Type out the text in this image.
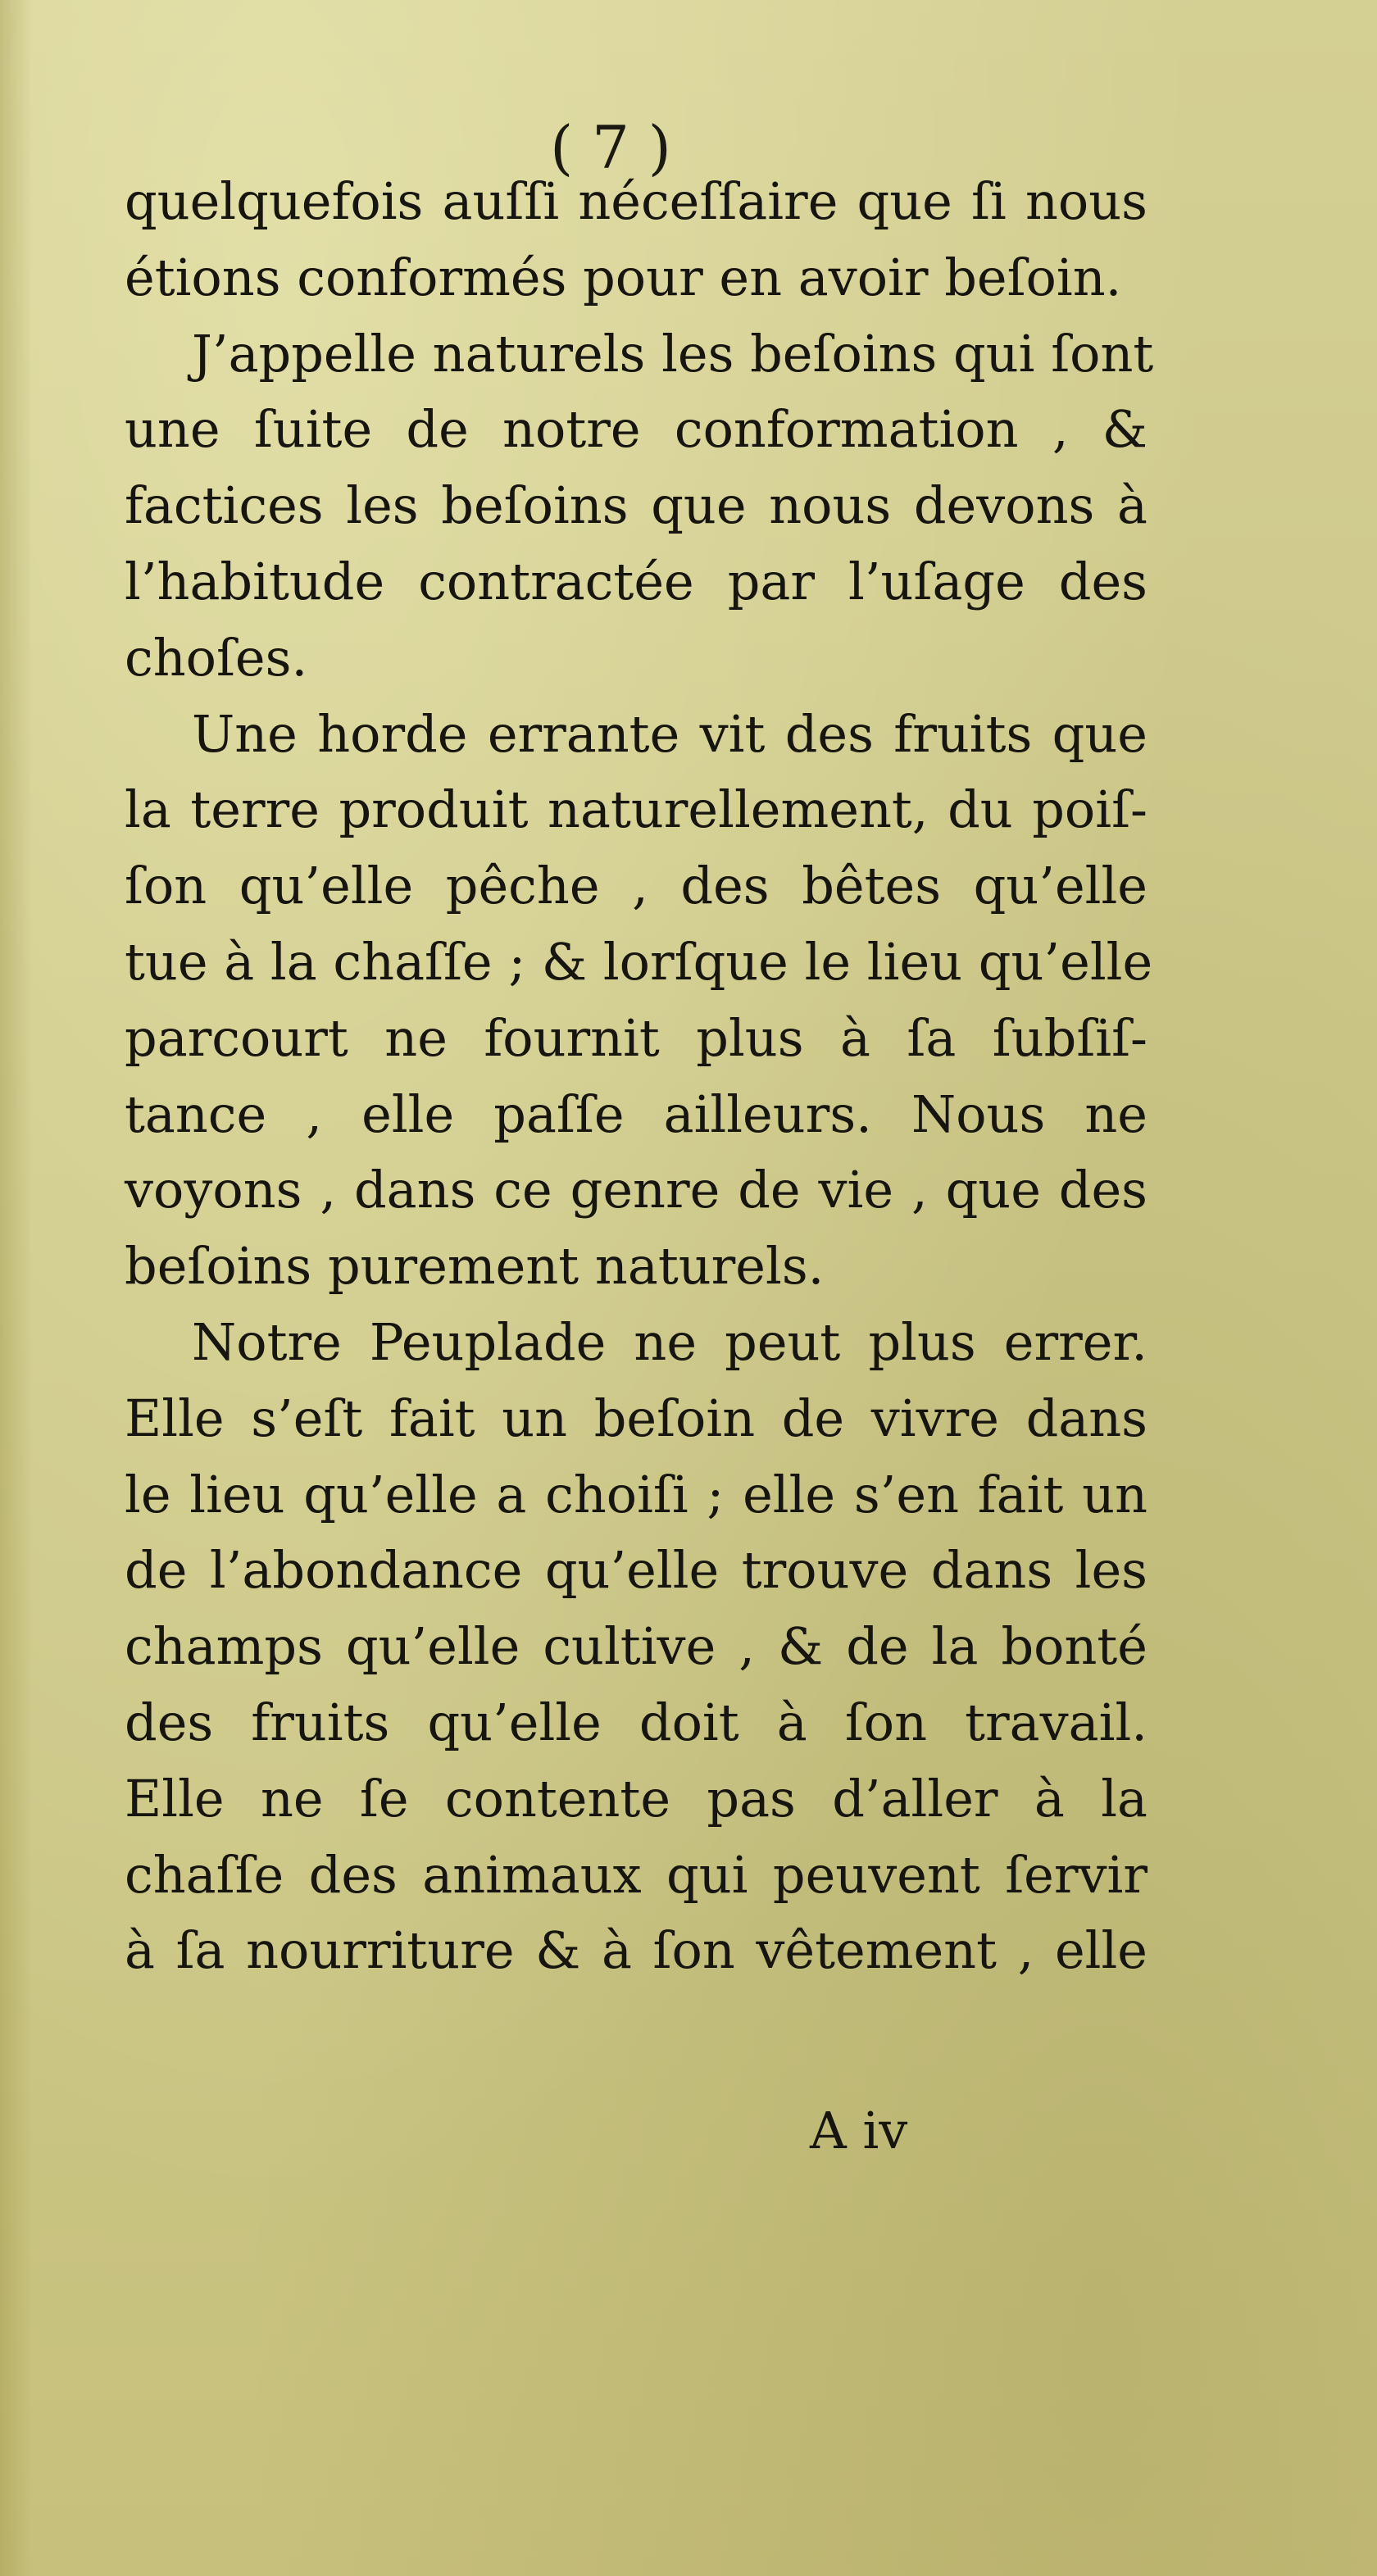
( 7 )
quelquefois auſſi néceſſaire que ſi nous
étions conformés pour en avoir beſoin.
J’appelle naturels les beſoins qui ſont
une ſuite de notre conformation , &
factices les beſoins que nous devons à
l’habitude contractée par l’uſage des
choſes.
Une horde errante vit des fruits que
la terre produit naturellement, du poiſ-
ſon qu’elle pêche , des bêtes qu’elle
tue à la chaſſe ; & lorſque le lieu qu’elle
parcourt ne fournit plus à ſa ſubſiſ-
tance , elle paſſe ailleurs. Nous ne
voyons , dans ce genre de vie , que des
beſoins purement naturels.
Notre Peuplade ne peut plus errer.
Elle s’eſt fait un beſoin de vivre dans
le lieu qu’elle a choiſi ; elle s’en fait un
de l’abondance qu’elle trouve dans les
champs qu’elle cultive , & de la bonté
des fruits qu’elle doit à ſon travail.
Elle ne ſe contente pas d’aller à la
chaſſe des animaux qui peuvent ſervir
à ſa nourriture & à ſon vêtement , elle
A iv
